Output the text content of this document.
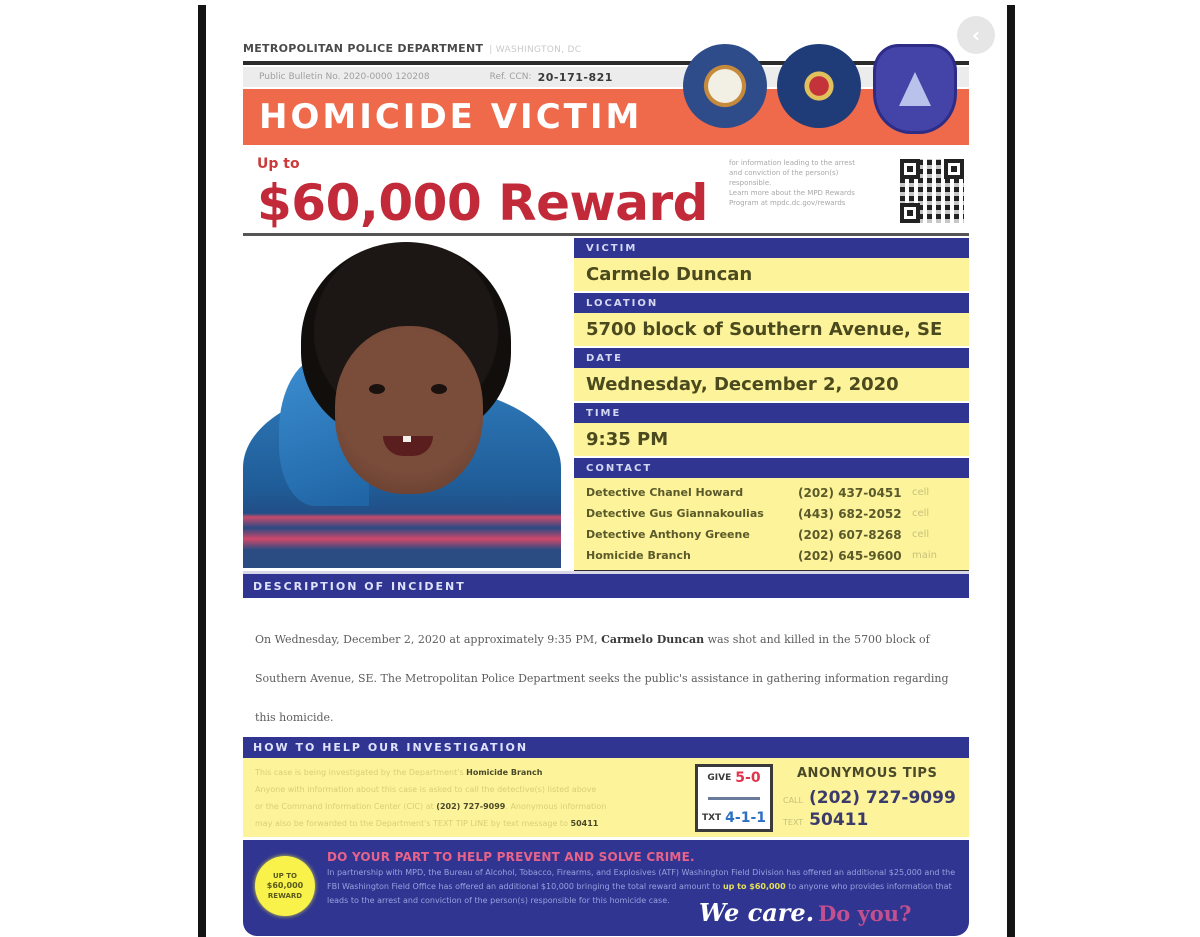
‹
METROPOLITAN POLICE DEPARTMENT | WASHINGTON, DC
Public Bulletin No. 2020-0000 120208	Ref. CCN: 20-171-821
HOMICIDE VICTIM
Up to
$60,000 Reward
for information leading to the arrest
and conviction of the person(s)
responsible.
Learn more about the MPD Rewards
Program at mpdc.dc.gov/rewards
VICTIM
Carmelo Duncan
LOCATION
5700 block of Southern Avenue, SE
DATE
Wednesday, December 2, 2020
TIME
9:35 PM
CONTACT
Detective Chanel Howard	(202) 437-0451	cell
Detective Gus Giannakoulias	(443) 682-2052	cell
Detective Anthony Greene	(202) 607-8268	cell
Homicide Branch	(202) 645-9600	main
DESCRIPTION OF INCIDENT
On Wednesday, December 2, 2020 at approximately 9:35 PM, Carmelo Duncan was shot and killed in the 5700 block of Southern Avenue, SE. The Metropolitan Police Department seeks the public's assistance in gathering information regarding this homicide.
HOW TO HELP OUR INVESTIGATION
This case is being investigated by the Department's Homicide Branch
Anyone with information about this case is asked to call the detective(s) listed above
or the Command Information Center (CIC) at (202) 727-9099. Anonymous information
may also be forwarded to the Department's TEXT TIP LINE by text message to 50411
GIVE 5-0
TXT 4-1-1
ANONYMOUS TIPS
CALL (202) 727-9099
TEXT 50411
UP TO
$60,000
REWARD
DO YOUR PART TO HELP PREVENT AND SOLVE CRIME.
In partnership with MPD, the Bureau of Alcohol, Tobacco, Firearms, and Explosives (ATF) Washington Field Division has offered an additional $25,000 and the FBI Washington Field Office has offered an additional $10,000 bringing the total reward amount to up to $60,000 to anyone who provides information that leads to the arrest and conviction of the person(s) responsible for this homicide case.	We care. Do you?
